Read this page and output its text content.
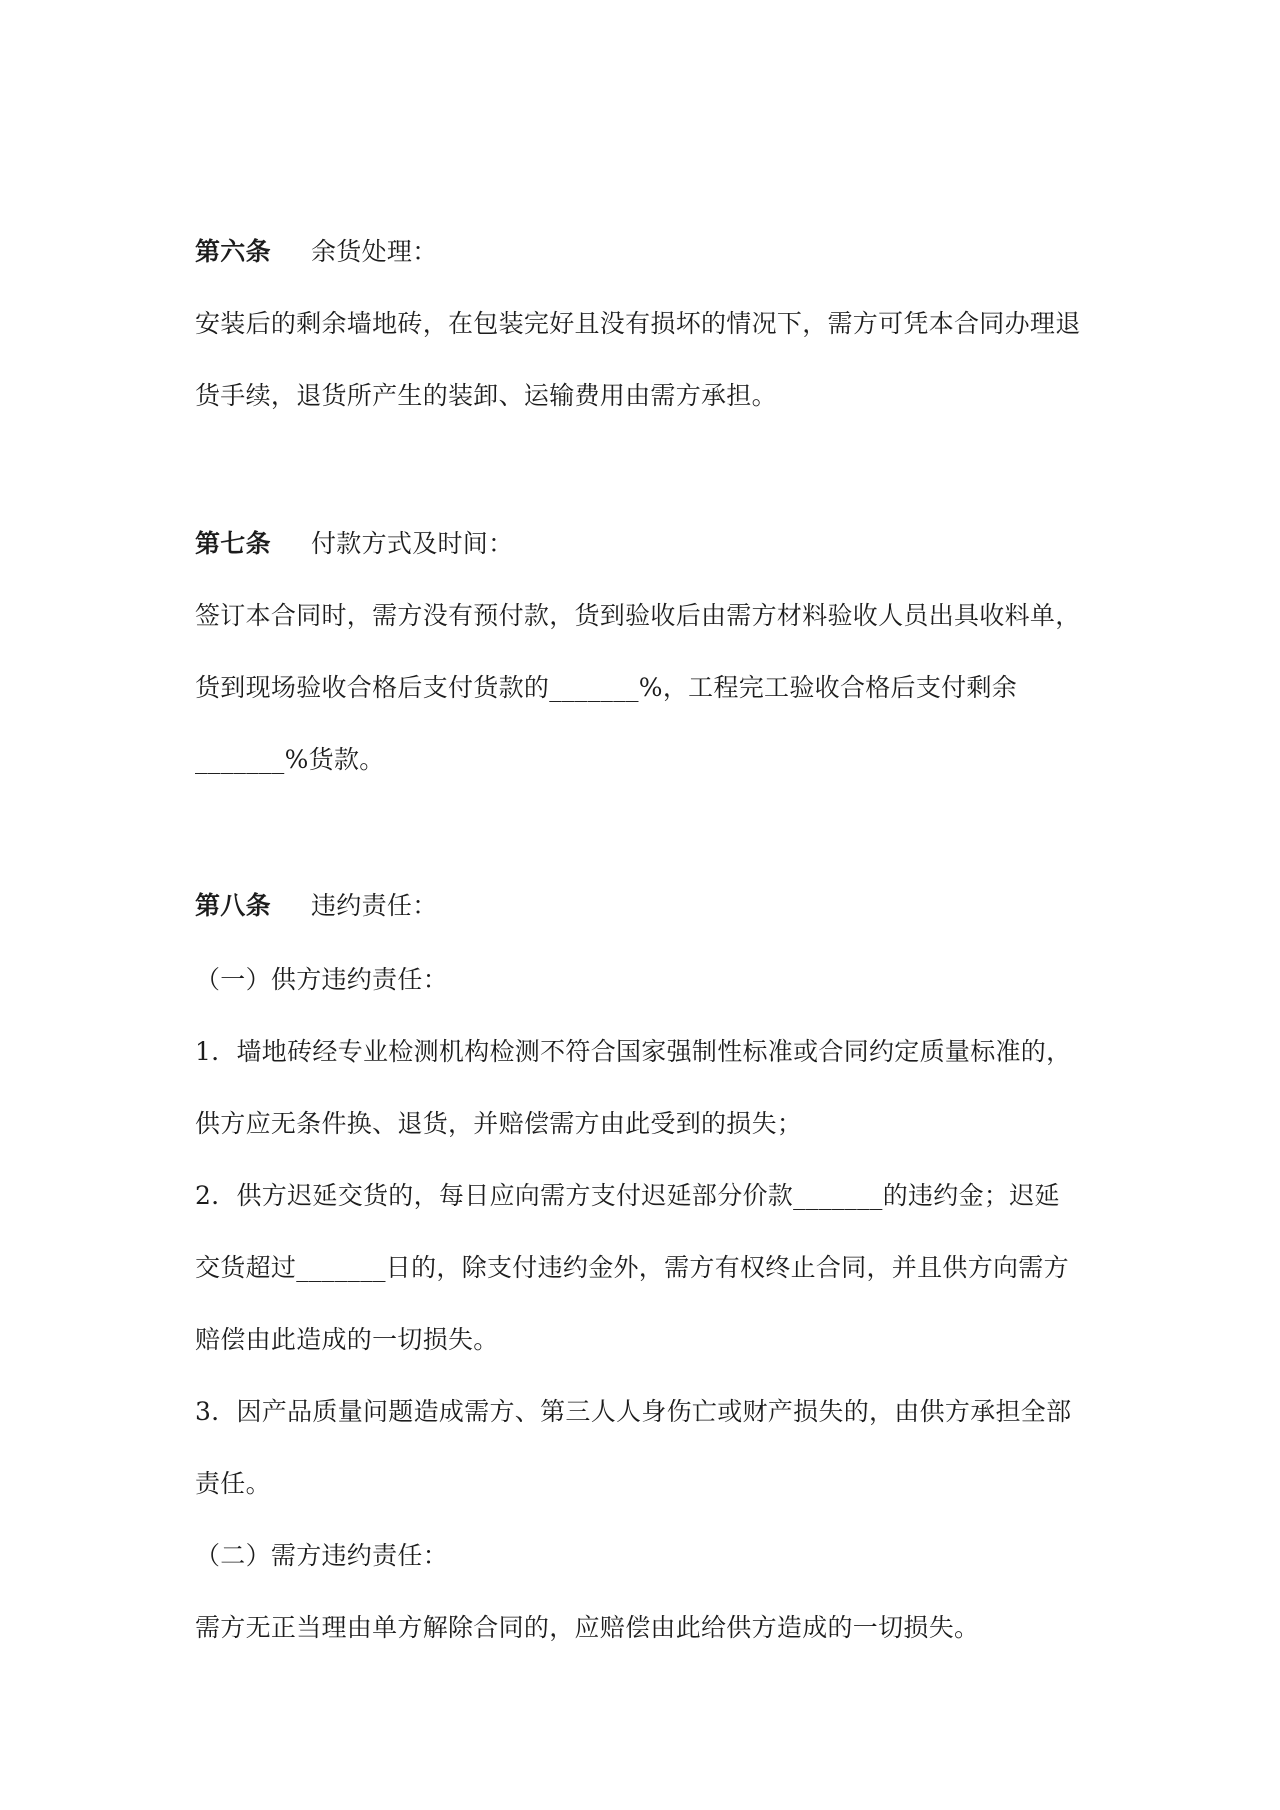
第六条 余货处理：
安装后的剩余墙地砖，在包装完好且没有损坏的情况下，需方可凭本合同办理退
货手续，退货所产生的装卸、运输费用由需方承担。
第七条 付款方式及时间：
签订本合同时，需方没有预付款，货到验收后由需方材料验收人员出具收料单，
货到现场验收合格后支付货款的_______%，工程完工验收合格后支付剩余
_______%货款。
第八条 违约责任：
（一）供方违约责任：
1．墙地砖经专业检测机构检测不符合国家强制性标准或合同约定质量标准的，
供方应无条件换、退货，并赔偿需方由此受到的损失；
2．供方迟延交货的，每日应向需方支付迟延部分价款_______的违约金；迟延
交货超过_______日的，除支付违约金外，需方有权终止合同，并且供方向需方
赔偿由此造成的一切损失。
3．因产品质量问题造成需方、第三人人身伤亡或财产损失的，由供方承担全部
责任。
（二）需方违约责任：
需方无正当理由单方解除合同的，应赔偿由此给供方造成的一切损失。
